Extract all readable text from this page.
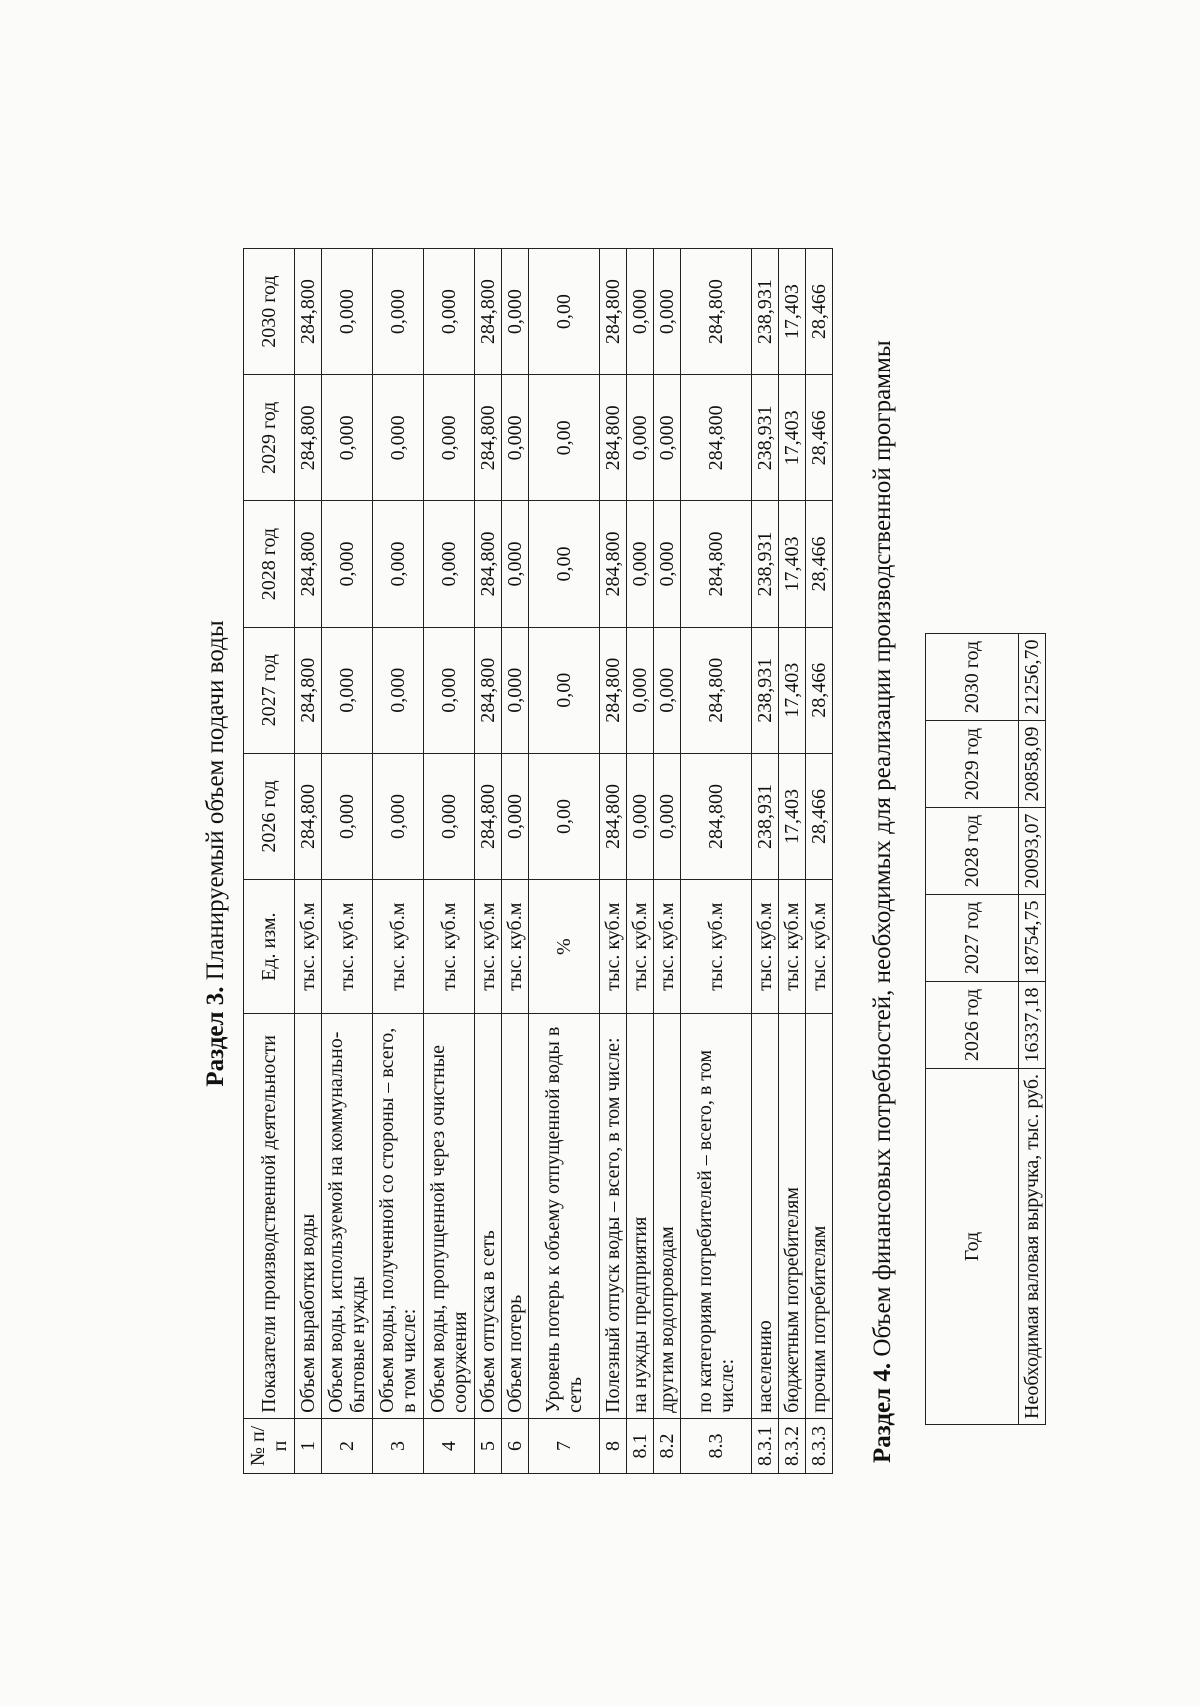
Раздел 3. Планируемый объем подачи воды
№ п/п	Показатели производственной деятельности	Ед. изм.	2026 год	2027 год	2028 год	2029 год	2030 год
1	Объем выработки воды	тыс. куб.м	284,800	284,800	284,800	284,800	284,800
2	Объем воды, используемой на коммунально-бытовые нужды	тыс. куб.м	0,000	0,000	0,000	0,000	0,000
3	Объем воды, полученной со стороны – всего, в том числе:	тыс. куб.м	0,000	0,000	0,000	0,000	0,000
4	Объем воды, пропущенной через очистные сооружения	тыс. куб.м	0,000	0,000	0,000	0,000	0,000
5	Объем отпуска в сеть	тыс. куб.м	284,800	284,800	284,800	284,800	284,800
6	Объем потерь	тыс. куб.м	0,000	0,000	0,000	0,000	0,000
7	Уровень потерь к объему отпущенной воды в сеть	%	0,00	0,00	0,00	0,00	0,00
8	Полезный отпуск воды – всего, в том числе:	тыс. куб.м	284,800	284,800	284,800	284,800	284,800
8.1	на нужды предприятия	тыс. куб.м	0,000	0,000	0,000	0,000	0,000
8.2	другим водопроводам	тыс. куб.м	0,000	0,000	0,000	0,000	0,000
8.3	по категориям потребителей – всего, в том числе:	тыс. куб.м	284,800	284,800	284,800	284,800	284,800
8.3.1	населению	тыс. куб.м	238,931	238,931	238,931	238,931	238,931
8.3.2	бюджетным потребителям	тыс. куб.м	17,403	17,403	17,403	17,403	17,403
8.3.3	прочим потребителям	тыс. куб.м	28,466	28,466	28,466	28,466	28,466
Раздел 4. Объем финансовых потребностей, необходимых для реализации производственной программы	Год	2026 год	2027 год	2028 год	2029 год	2030 год
Необходимая валовая выручка, тыс. руб.	16337,18	18754,75	20093,07	20858,09	21256,70
